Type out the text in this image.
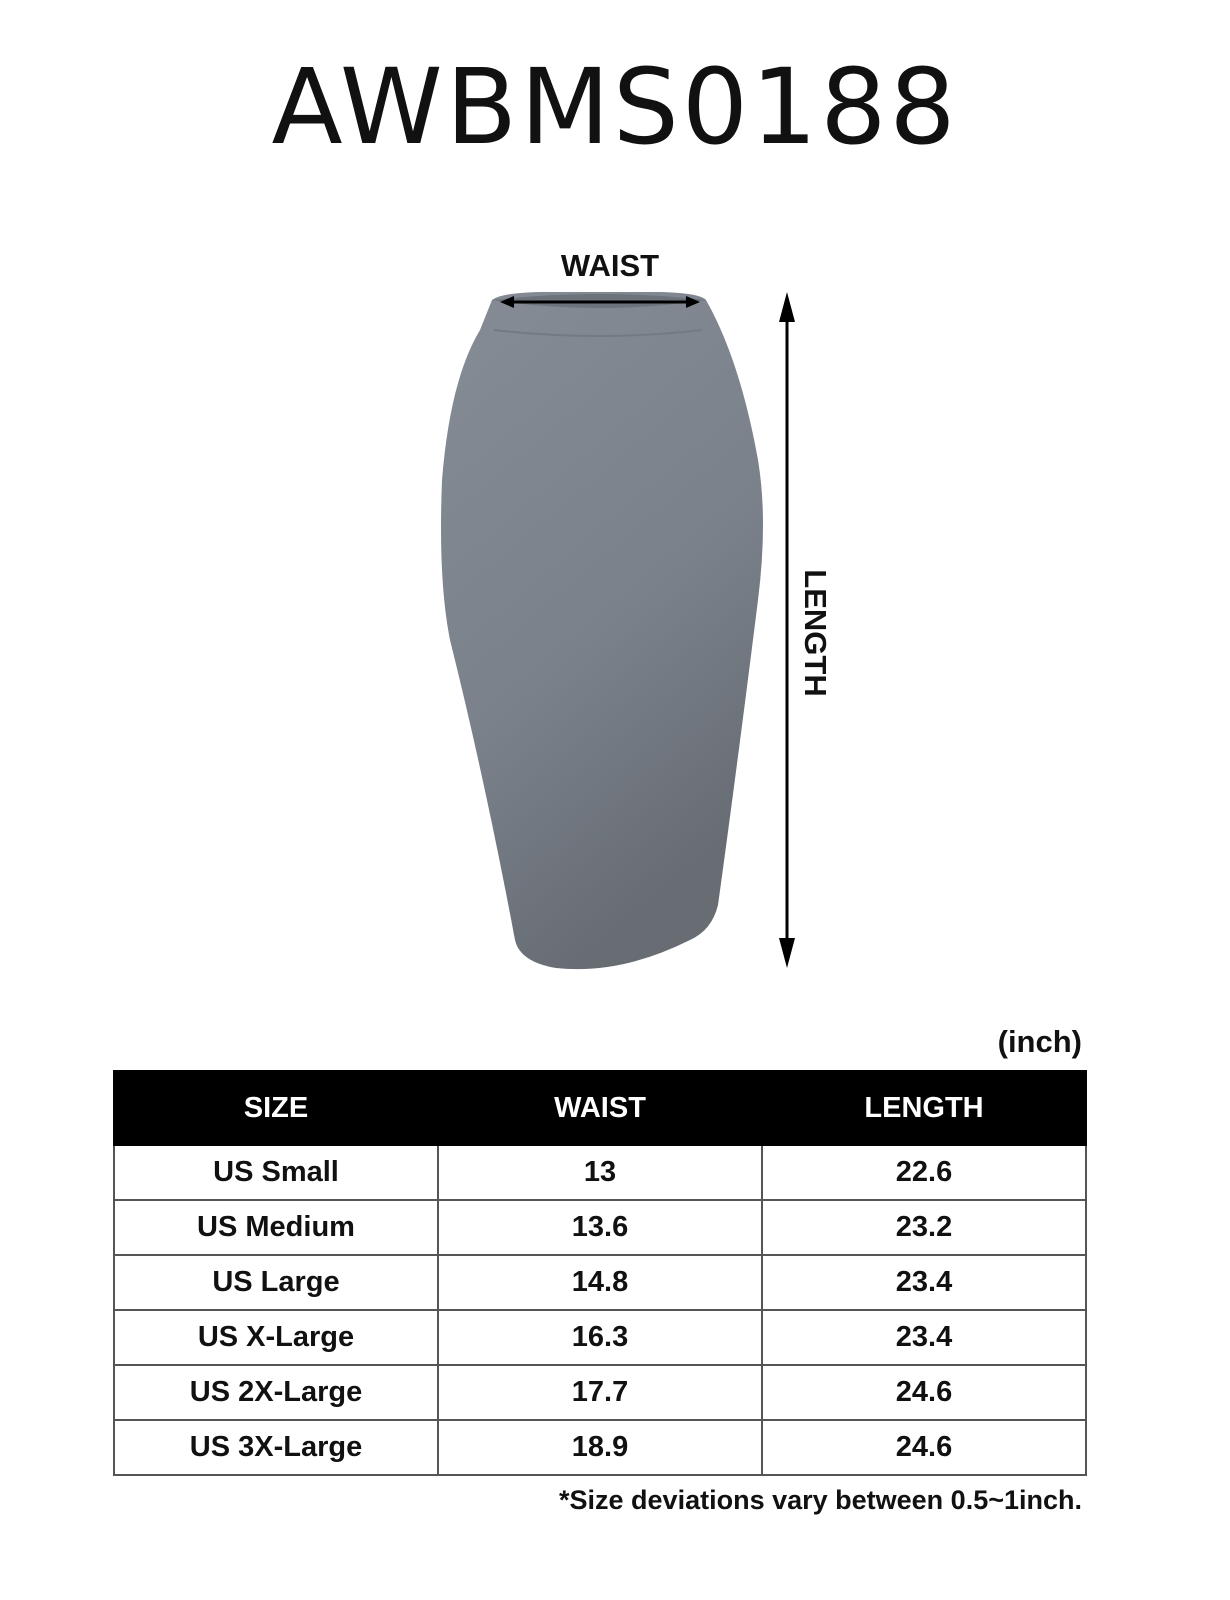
AWBMS0188
WAIST
LENGTH
(inch)
SIZE	WAIST	LENGTH
US Small	13	22.6
US Medium	13.6	23.2
US Large	14.8	23.4
US X-Large	16.3	23.4
US 2X-Large	17.7	24.6
US 3X-Large	18.9	24.6
*Size deviations vary between 0.5~1inch.
